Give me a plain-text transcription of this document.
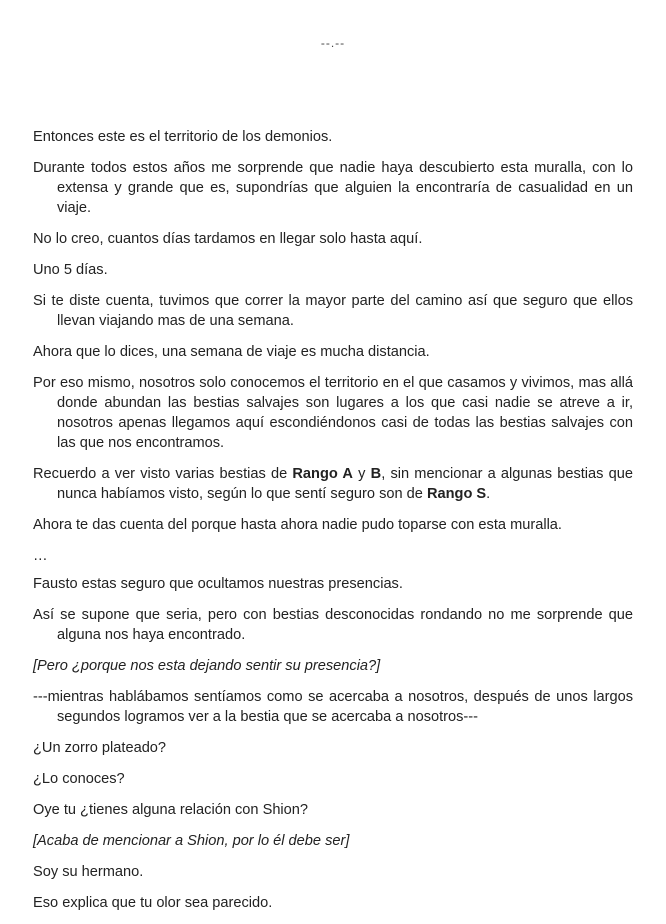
--.--

Entonces este es el territorio de los demonios.

Durante todos estos años me sorprende que nadie haya descubierto esta muralla, con lo extensa y grande que es, supondrías que alguien la encontraría de casualidad en un viaje.

No lo creo, cuantos días tardamos en llegar solo hasta aquí.

Uno 5 días.

Si te diste cuenta, tuvimos que correr la mayor parte del camino así que seguro que ellos llevan viajando mas de una semana.

Ahora que lo dices, una semana de viaje es mucha distancia.

Por eso mismo, nosotros solo conocemos el territorio en el que casamos y vivimos, mas allá donde abundan las bestias salvajes son lugares a los que casi nadie se atreve a ir, nosotros apenas llegamos aquí escondiéndonos casi de todas las bestias salvajes con las que nos encontramos.

Recuerdo a ver visto varias bestias de Rango A y B, sin mencionar a algunas bestias que nunca habíamos visto, según lo que sentí seguro son de Rango S.

Ahora te das cuenta del porque hasta ahora nadie pudo toparse con esta muralla.

…

Fausto estas seguro que ocultamos nuestras presencias.

Así se supone que seria, pero con bestias desconocidas rondando no me sorprende que alguna nos haya encontrado.

[Pero ¿porque nos esta dejando sentir su presencia?]

---mientras hablábamos sentíamos como se acercaba a nosotros, después de unos largos segundos logramos ver a la bestia que se acercaba a nosotros---

¿Un zorro plateado?

¿Lo conoces?

Oye tu ¿tienes alguna relación con Shion?

[Acaba de mencionar a Shion, por lo él debe ser]

Soy su hermano.

Eso explica que tu olor sea parecido.
